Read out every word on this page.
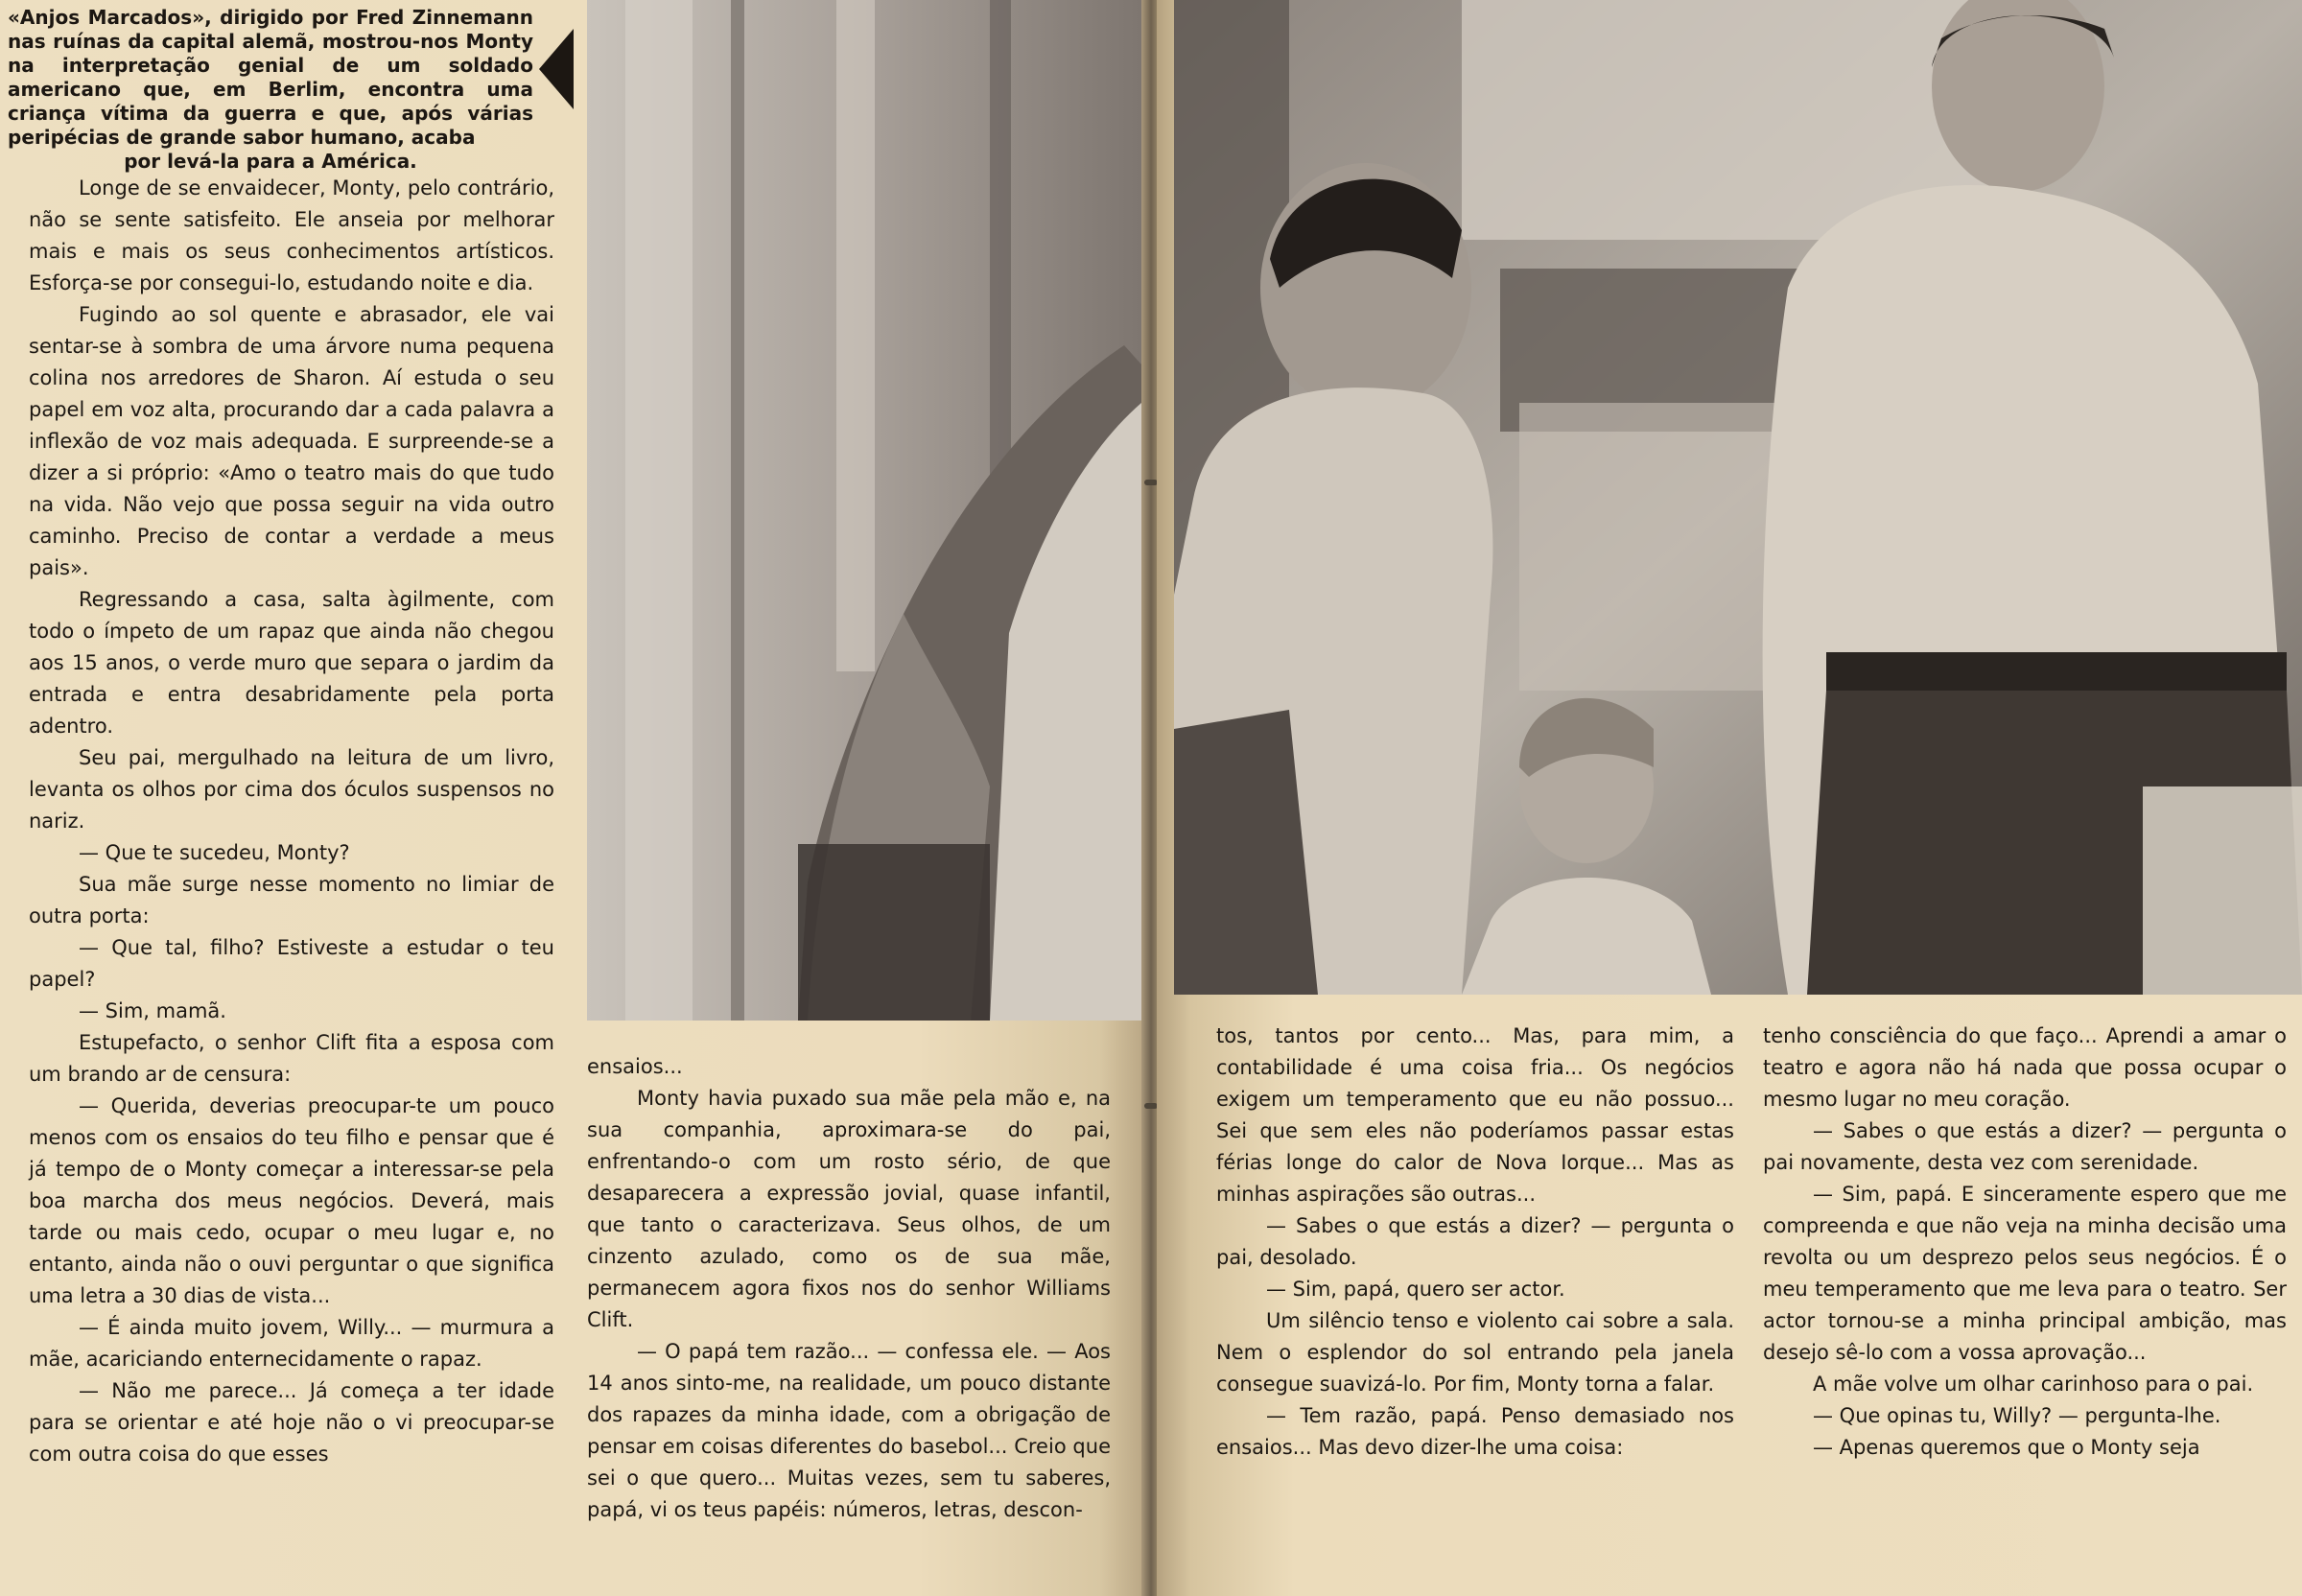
«Anjos Marcados», dirigido por Fred Zinnemann nas ruínas da capital alemã, mostrou-nos Monty na interpretação genial de um soldado americano que, em Berlim, encontra uma criança vítima da guerra e que, após várias peripécias de grande sabor humano, acaba
por levá-la para a América.

Longe de se envaidecer, Monty, pelo contrário, não se sente satisfeito. Ele anseia por melhorar mais e mais os seus conhecimentos artísticos. Esforça-se por consegui-lo, estudando noite e dia.

Fugindo ao sol quente e abrasador, ele vai sentar-se à sombra de uma árvore numa pequena colina nos arredores de Sharon. Aí estuda o seu papel em voz alta, procurando dar a cada palavra a inflexão de voz mais adequada. E surpreende-se a dizer a si próprio: «Amo o teatro mais do que tudo na vida. Não vejo que possa seguir na vida outro caminho. Preciso de contar a verdade a meus pais».

Regressando a casa, salta àgilmente, com todo o ímpeto de um rapaz que ainda não chegou aos 15 anos, o verde muro que separa o jardim da entrada e entra desabridamente pela porta adentro.

Seu pai, mergulhado na leitura de um livro, levanta os olhos por cima dos óculos suspensos no nariz.

— Que te sucedeu, Monty?

Sua mãe surge nesse momento no limiar de outra porta:

— Que tal, filho? Estiveste a estudar o teu papel?

— Sim, mamã.

Estupefacto, o senhor Clift fita a esposa com um brando ar de censura:

— Querida, deverias preocupar-te um pouco menos com os ensaios do teu filho e pensar que é já tempo de o Monty começar a interessar-se pela boa marcha dos meus negócios. Deverá, mais tarde ou mais cedo, ocupar o meu lugar e, no entanto, ainda não o ouvi perguntar o que significa uma letra a 30 dias de vista...

— É ainda muito jovem, Willy... — murmura a mãe, acariciando enternecidamente o rapaz.

— Não me parece... Já começa a ter idade para se orientar e até hoje não o vi preocupar-se com outra coisa do que esses

ensaios...

Monty havia puxado sua mãe pela mão e, na sua companhia, aproximara-se do pai, enfrentando-o com um rosto sério, de que desaparecera a expressão jovial, quase infantil, que tanto o caracterizava. Seus olhos, de um cinzento azulado, como os de sua mãe, permanecem agora fixos nos do senhor Williams Clift.

— O papá tem razão... — confessa ele. — Aos 14 anos sinto-me, na realidade, um pouco distante dos rapazes da minha idade, com a obrigação de pensar em coisas diferentes do basebol... Creio que sei o que quero... Muitas vezes, sem tu saberes, papá, vi os teus papéis: números, letras, descon-

tos, tantos por cento... Mas, para mim, a contabilidade é uma coisa fria... Os negócios exigem um temperamento que eu não possuo... Sei que sem eles não poderíamos passar estas férias longe do calor de Nova Iorque... Mas as minhas aspirações são outras...

— Sabes o que estás a dizer? — pergunta o pai, desolado.

— Sim, papá, quero ser actor.

Um silêncio tenso e violento cai sobre a sala. Nem o esplendor do sol entrando pela janela consegue suavizá-lo. Por fim, Monty torna a falar.

— Tem razão, papá. Penso demasiado nos ensaios... Mas devo dizer-lhe uma coisa:

tenho consciência do que faço... Aprendi a amar o teatro e agora não há nada que possa ocupar o mesmo lugar no meu coração.

— Sabes o que estás a dizer? — pergunta o pai novamente, desta vez com serenidade.

— Sim, papá. E sinceramente espero que me compreenda e que não veja na minha decisão uma revolta ou um desprezo pelos seus negócios. É o meu temperamento que me leva para o teatro. Ser actor tornou-se a minha principal ambição, mas desejo sê-lo com a vossa aprovação...

A mãe volve um olhar carinhoso para o pai.

— Que opinas tu, Willy? — pergunta-lhe.

— Apenas queremos que o Monty seja
